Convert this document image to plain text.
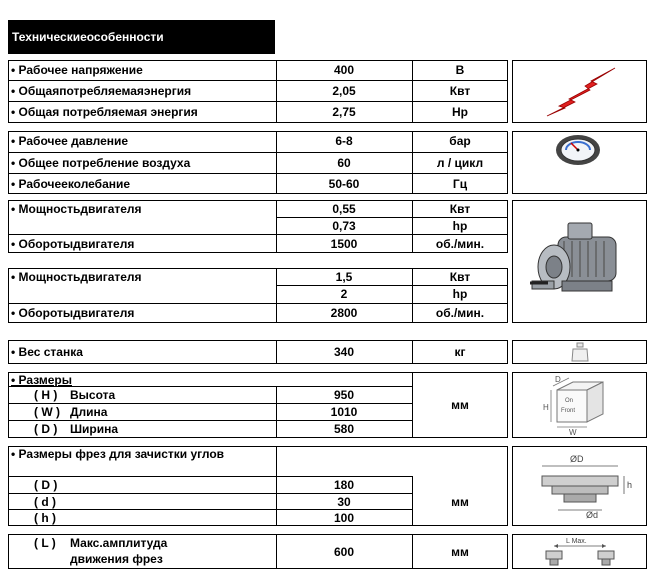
Техническиеособенности
• Рабочее напряжение	400	В
• Общаяпотребляемаяэнергия	2,05	Квт
• Общая потребляемая энергия	2,75	Hp
• Рабочее давление	6-8	бар
• Общее потребление воздуха	60	л / цикл
• Рабочееколебание	50-60	Гц
• Мощностьдвигателя	0,55	Квт
0,73	hp
• Оборотыдвигателя	1500	об./мин.
• Мощностьдвигателя	1,5	Квт
2	hp
• Оборотыдвигателя	2800	об./мин.
• Вес станка	340	кг
• Размеры
( H ) Высота	950
( W ) Длина	1010
( D ) Ширина	580
мм	On
Front
H
D
W
• Размеры фрез для зачистки углов
( D )	180
( d )	30
( h )	100
мм
ØD
h
Ød
( L ) Макс.амплитуда
движения фрез	600	мм
L Max.
